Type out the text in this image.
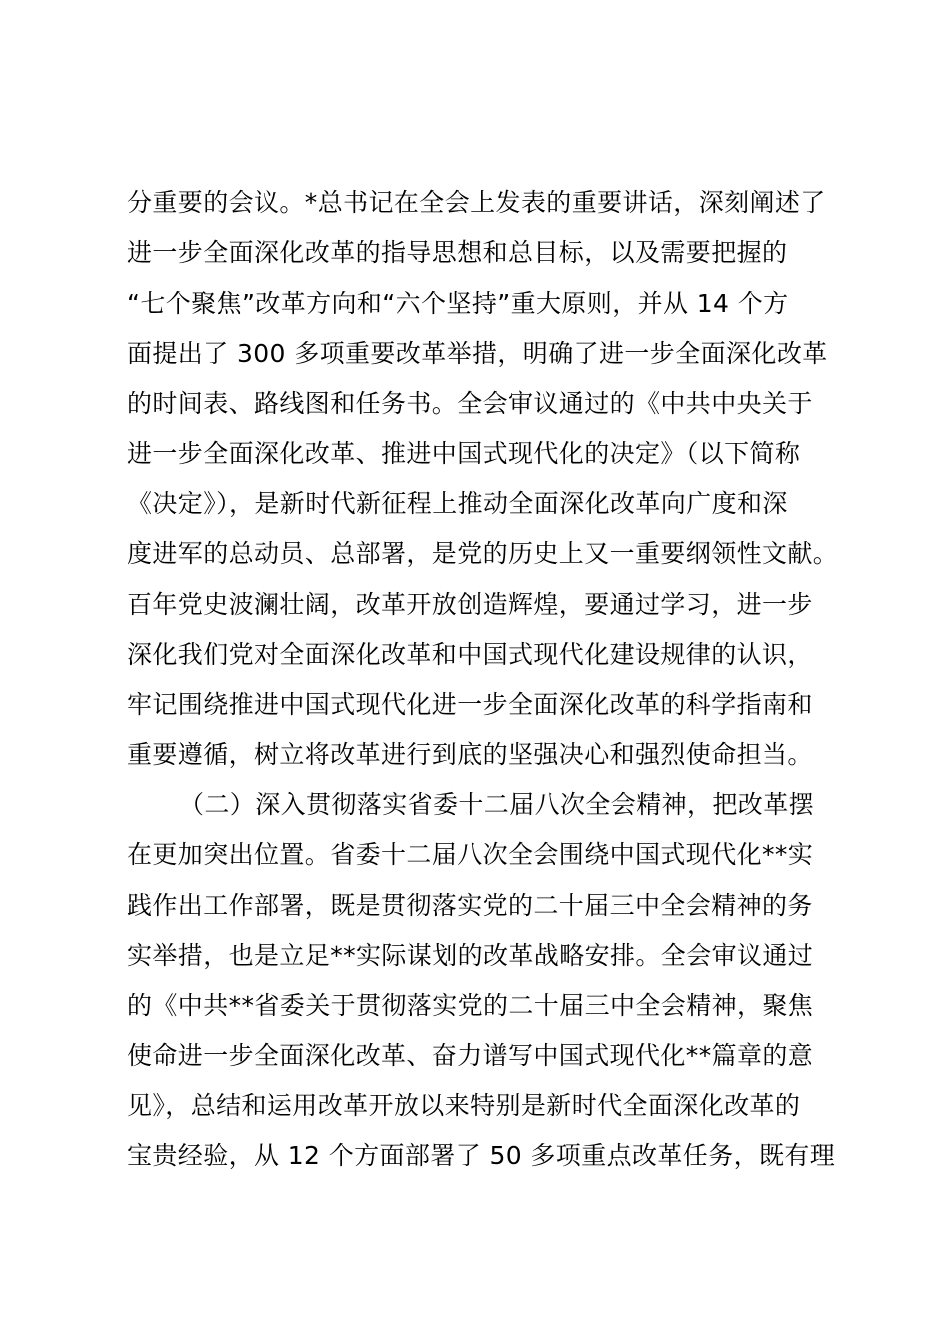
分重要的会议。*总书记在全会上发表的重要讲话，深刻阐述了
进一步全面深化改革的指导思想和总目标，以及需要把握的
“七个聚焦”改革方向和“六个坚持”重大原则，并从 14 个方
面提出了 300 多项重要改革举措，明确了进一步全面深化改革
的时间表、路线图和任务书。全会审议通过的《中共中央关于
进一步全面深化改革、推进中国式现代化的决定》（以下简称
《决定》），是新时代新征程上推动全面深化改革向广度和深
度进军的总动员、总部署，是党的历史上又一重要纲领性文献。
百年党史波澜壮阔，改革开放创造辉煌，要通过学习，进一步
深化我们党对全面深化改革和中国式现代化建设规律的认识，
牢记围绕推进中国式现代化进一步全面深化改革的科学指南和
重要遵循，树立将改革进行到底的坚强决心和强烈使命担当。
（二）深入贯彻落实省委十二届八次全会精神，把改革摆
在更加突出位置。省委十二届八次全会围绕中国式现代化**实
践作出工作部署，既是贯彻落实党的二十届三中全会精神的务
实举措，也是立足**实际谋划的改革战略安排。全会审议通过
的《中共**省委关于贯彻落实党的二十届三中全会精神，聚焦
使命进一步全面深化改革、奋力谱写中国式现代化**篇章的意
见》，总结和运用改革开放以来特别是新时代全面深化改革的
宝贵经验，从 12 个方面部署了 50 多项重点改革任务，既有理
